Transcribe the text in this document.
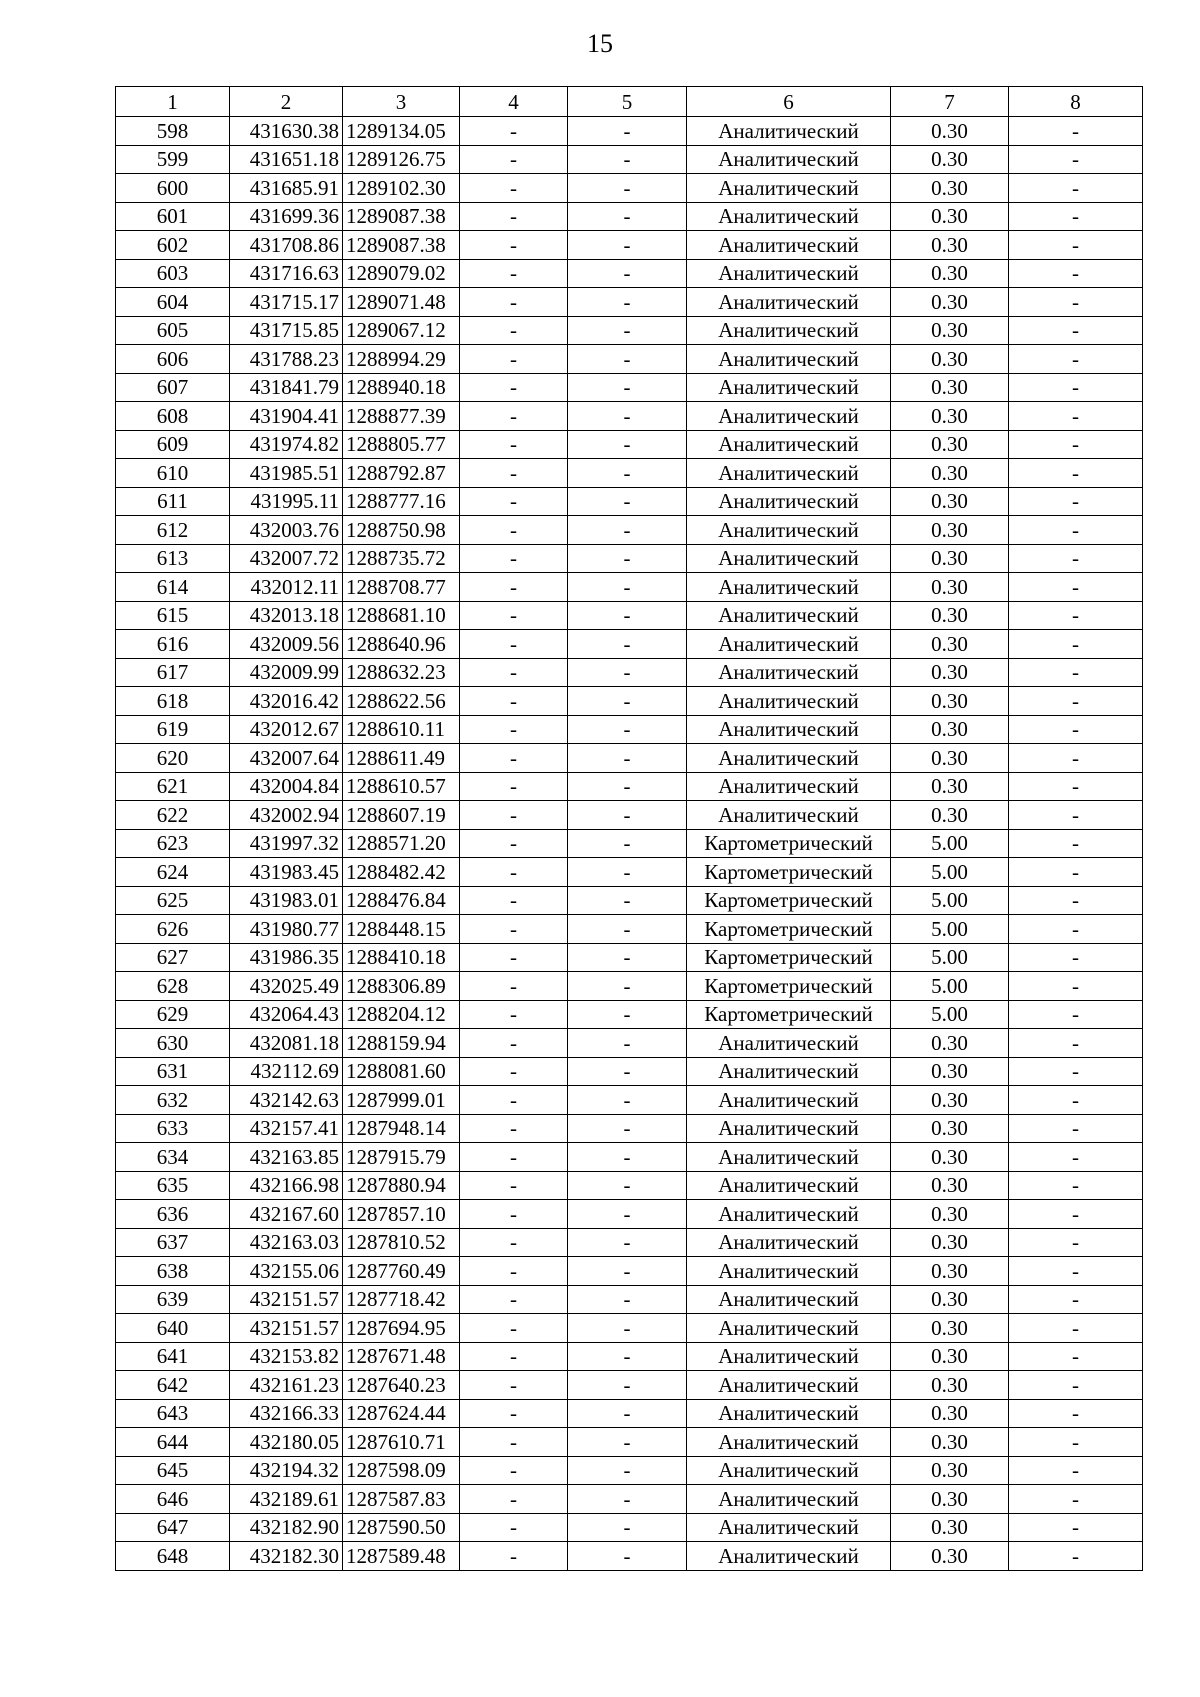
15
1	2	3	4	5	6	7	8
598	431630.38	1289134.05	-	-	Аналитический	0.30	-
599	431651.18	1289126.75	-	-	Аналитический	0.30	-
600	431685.91	1289102.30	-	-	Аналитический	0.30	-
601	431699.36	1289087.38	-	-	Аналитический	0.30	-
602	431708.86	1289087.38	-	-	Аналитический	0.30	-
603	431716.63	1289079.02	-	-	Аналитический	0.30	-
604	431715.17	1289071.48	-	-	Аналитический	0.30	-
605	431715.85	1289067.12	-	-	Аналитический	0.30	-
606	431788.23	1288994.29	-	-	Аналитический	0.30	-
607	431841.79	1288940.18	-	-	Аналитический	0.30	-
608	431904.41	1288877.39	-	-	Аналитический	0.30	-
609	431974.82	1288805.77	-	-	Аналитический	0.30	-
610	431985.51	1288792.87	-	-	Аналитический	0.30	-
611	431995.11	1288777.16	-	-	Аналитический	0.30	-
612	432003.76	1288750.98	-	-	Аналитический	0.30	-
613	432007.72	1288735.72	-	-	Аналитический	0.30	-
614	432012.11	1288708.77	-	-	Аналитический	0.30	-
615	432013.18	1288681.10	-	-	Аналитический	0.30	-
616	432009.56	1288640.96	-	-	Аналитический	0.30	-
617	432009.99	1288632.23	-	-	Аналитический	0.30	-
618	432016.42	1288622.56	-	-	Аналитический	0.30	-
619	432012.67	1288610.11	-	-	Аналитический	0.30	-
620	432007.64	1288611.49	-	-	Аналитический	0.30	-
621	432004.84	1288610.57	-	-	Аналитический	0.30	-
622	432002.94	1288607.19	-	-	Аналитический	0.30	-
623	431997.32	1288571.20	-	-	Картометрический	5.00	-
624	431983.45	1288482.42	-	-	Картометрический	5.00	-
625	431983.01	1288476.84	-	-	Картометрический	5.00	-
626	431980.77	1288448.15	-	-	Картометрический	5.00	-
627	431986.35	1288410.18	-	-	Картометрический	5.00	-
628	432025.49	1288306.89	-	-	Картометрический	5.00	-
629	432064.43	1288204.12	-	-	Картометрический	5.00	-
630	432081.18	1288159.94	-	-	Аналитический	0.30	-
631	432112.69	1288081.60	-	-	Аналитический	0.30	-
632	432142.63	1287999.01	-	-	Аналитический	0.30	-
633	432157.41	1287948.14	-	-	Аналитический	0.30	-
634	432163.85	1287915.79	-	-	Аналитический	0.30	-
635	432166.98	1287880.94	-	-	Аналитический	0.30	-
636	432167.60	1287857.10	-	-	Аналитический	0.30	-
637	432163.03	1287810.52	-	-	Аналитический	0.30	-
638	432155.06	1287760.49	-	-	Аналитический	0.30	-
639	432151.57	1287718.42	-	-	Аналитический	0.30	-
640	432151.57	1287694.95	-	-	Аналитический	0.30	-
641	432153.82	1287671.48	-	-	Аналитический	0.30	-
642	432161.23	1287640.23	-	-	Аналитический	0.30	-
643	432166.33	1287624.44	-	-	Аналитический	0.30	-
644	432180.05	1287610.71	-	-	Аналитический	0.30	-
645	432194.32	1287598.09	-	-	Аналитический	0.30	-
646	432189.61	1287587.83	-	-	Аналитический	0.30	-
647	432182.90	1287590.50	-	-	Аналитический	0.30	-
648	432182.30	1287589.48	-	-	Аналитический	0.30	-
